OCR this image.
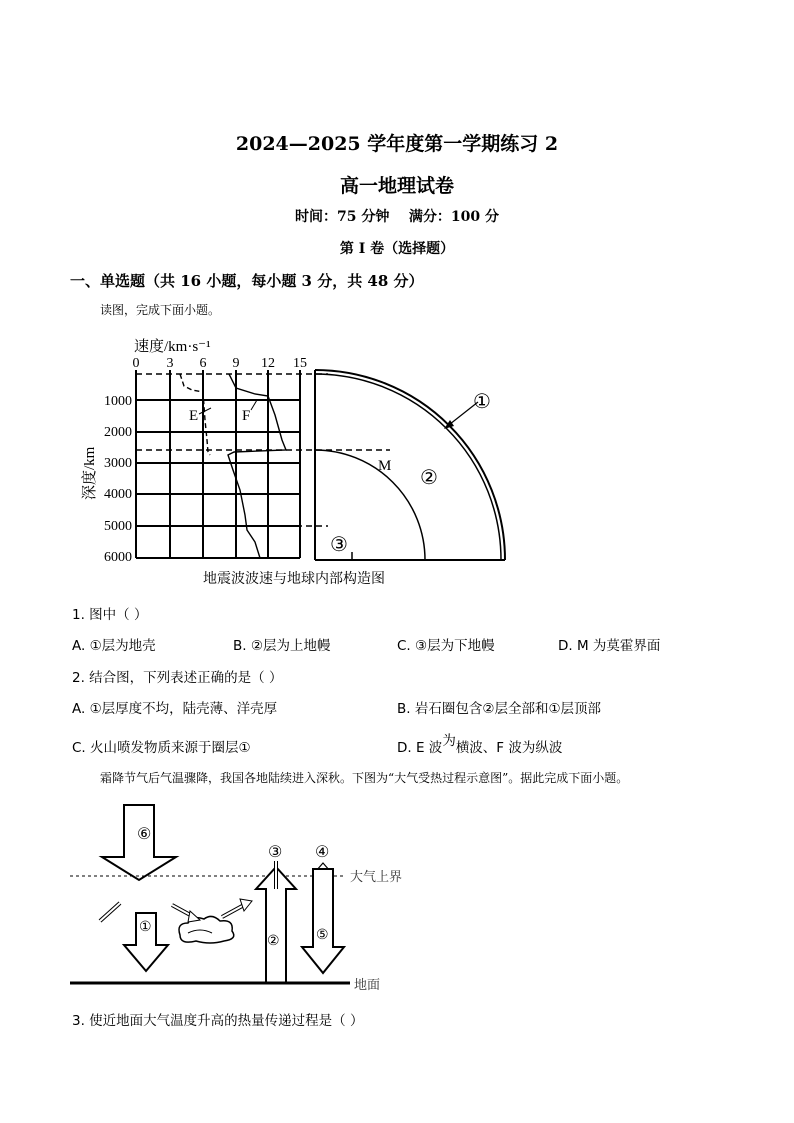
2024—2025 学年度第一学期练习 2
高一地理试卷
时间：75 分钟    满分：100 分
第 I 卷（选择题）
一、单选题（共 16 小题，每小题 3 分，共 48 分）
读图，完成下面小题。
E	F
速度/km·s⁻¹
0 3 6 9 12 15
1000
2000
3000
4000
5000
6000
深度/km
①
②
③
M
地震波波速与地球内部构造图
1. 图中（ ）
A. ①层为地壳	B. ②层为上地幔	C. ③层为下地幔	D. M 为莫霍界面
2. 结合图，下列表述正确的是（ ）
A. ①层厚度不均，陆壳薄、洋壳厚	B. 岩石圈包含②层全部和①层顶部
C. 火山喷发物质来源于圈层①	D. E 波为横波、F 波为纵波
霜降节气后气温骤降，我国各地陆续进入深秋。下图为“大气受热过程示意图”。据此完成下面小题。
⑥
大气上界
①
②
③ ④
⑤
地面
3. 使近地面大气温度升高的热量传递过程是（ ）
